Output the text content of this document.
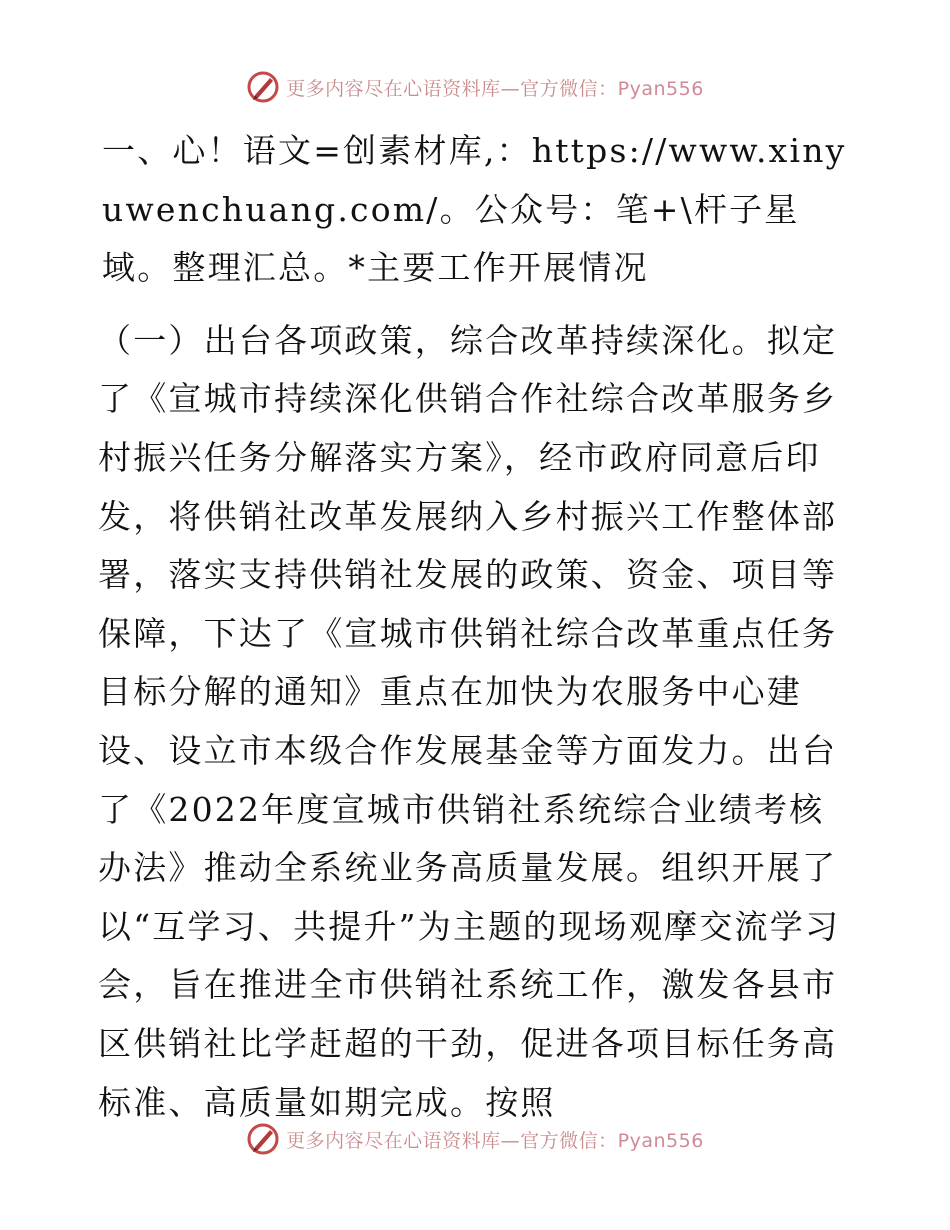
更多内容尽在心语资料库—官方微信：Pyan556

一、心！语文=创素材库,：https://www.xinyuwenchuang.com/。公众号：笔+\杆子星域。整理汇总。*主要工作开展情况

（一）出台各项政策，综合改革持续深化。拟定了《宣城市持续深化供销合作社综合改革服务乡村振兴任务分解落实方案》，经市政府同意后印发，将供销社改革发展纳入乡村振兴工作整体部署，落实支持供销社发展的政策、资金、项目等保障，下达了《宣城市供销社综合改革重点任务目标分解的通知》重点在加快为农服务中心建设、设立市本级合作发展基金等方面发力。出台了《2022年度宣城市供销社系统综合业绩考核办法》推动全系统业务高质量发展。组织开展了以“互学习、共提升”为主题的现场观摩交流学习会，旨在推进全市供销社系统工作，激发各县市区供销社比学赶超的干劲，促进各项目标任务高标准、高质量如期完成。按照

更多内容尽在心语资料库—官方微信：Pyan556
